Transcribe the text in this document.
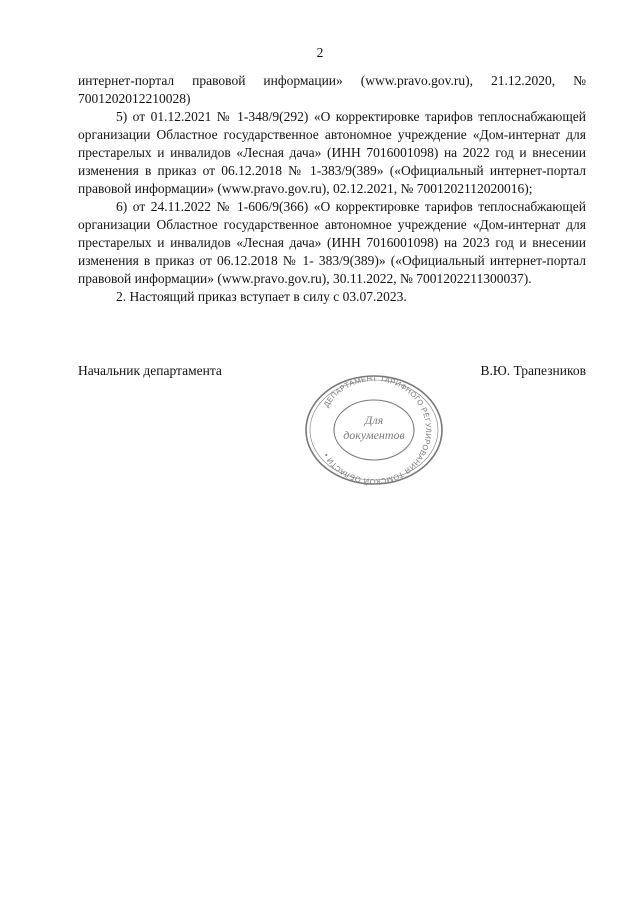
2

интернет-портал правовой информации» (www.pravo.gov.ru), 21.12.2020, № 7001202012210028)

5) от 01.12.2021 № 1-348/9(292) «О корректировке тарифов теплоснабжающей организации Областное государственное автономное учреждение «Дом-интернат для престарелых и инвалидов «Лесная дача» (ИНН 7016001098) на 2022 год и внесении изменения в приказ от 06.12.2018 № 1-383/9(389» («Официальный интернет-портал правовой информации» (www.pravo.gov.ru), 02.12.2021, № 7001202112020016);

6) от 24.11.2022 № 1-606/9(366) «О корректировке тарифов теплоснабжающей организации Областное государственное автономное учреждение «Дом-интернат для престарелых и инвалидов «Лесная дача» (ИНН 7016001098) на 2023 год и внесении изменения в приказ от 06.12.2018 № 1- 383/9(389)» («Официальный интернет-портал правовой информации» (www.pravo.gov.ru), 30.11.2022, № 7001202211300037).

2. Настоящий приказ вступает в силу с 03.07.2023.

Начальник департамента	В.Ю. Трапезников
ДЕПАРТАМЕНТ ТАРИФНОГО РЕГУЛИРОВАНИЯ ТОМСКОЙ ОБЛАСТИ •
Для
документов
